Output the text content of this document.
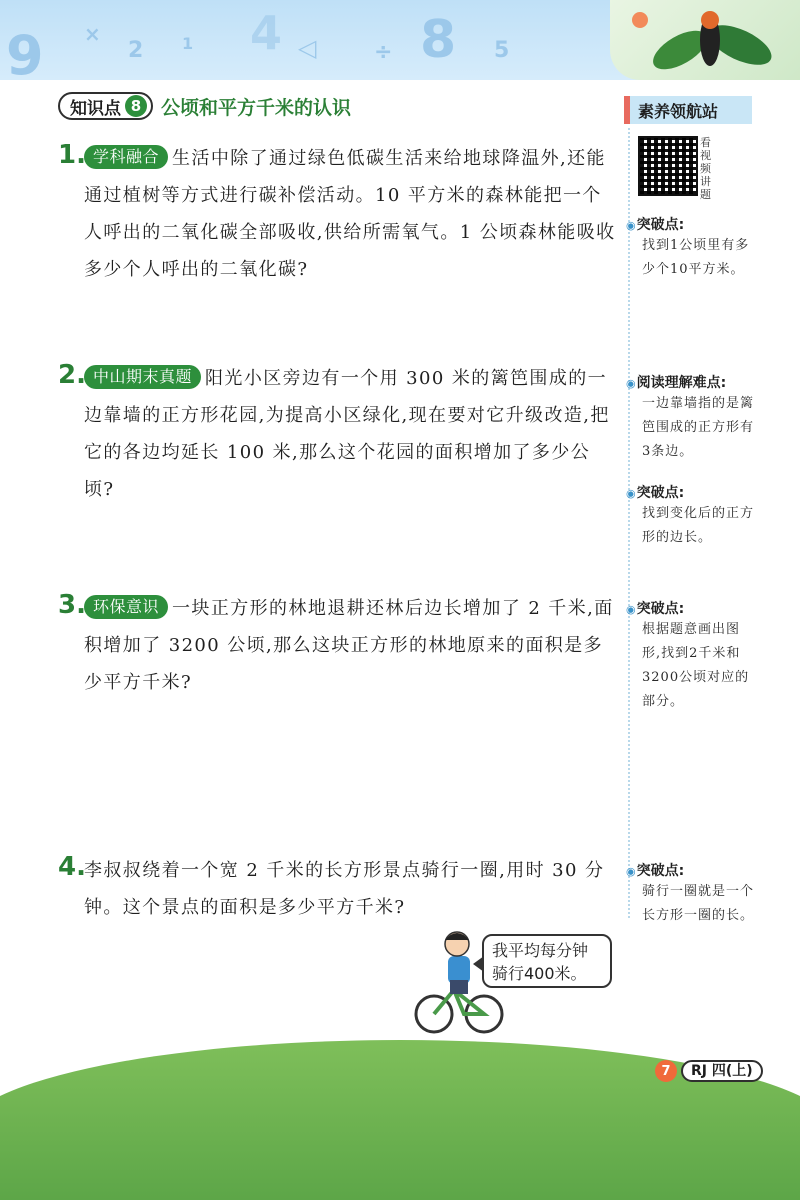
9 ×
2 1 4 ◁	÷ 8 5
知识点 8	公顷和平方千米的认识	素养领航站
看视频讲题
1. 学科融合 生活中除了通过绿色低碳生活来给地球降温外,还能通过植树等方式进行碳补偿活动。10 平方米的森林能把一个人呼出的二氧化碳全部吸收,供给所需氧气。1 公顷森林能吸收多少个人呼出的二氧化碳?
2. 中山期末真题 阳光小区旁边有一个用 300 米的篱笆围成的一边靠墙的正方形花园,为提高小区绿化,现在要对它升级改造,把它的各边均延长 100 米,那么这个花园的面积增加了多少公顷?
3. 环保意识 一块正方形的林地退耕还林后边长增加了 2 千米,面积增加了 3200 公顷,那么这块正方形的林地原来的面积是多少平方千米?
4.
李叔叔绕着一个宽 2 千米的长方形景点骑行一圈,用时 30 分钟。这个景点的面积是多少平方千米?
◉ 突破点:
找到1公顷里有多少个10平方米。
◉ 阅读理解难点:
一边靠墙指的是篱笆围成的正方形有3条边。
◉ 突破点:
找到变化后的正方形的边长。
◉ 突破点:
根据题意画出图形,找到2千米和3200公顷对应的部分。
◉ 突破点:
骑行一圈就是一个长方形一圈的长。
我平均每分钟骑行400米。
7	RJ 四(上)
